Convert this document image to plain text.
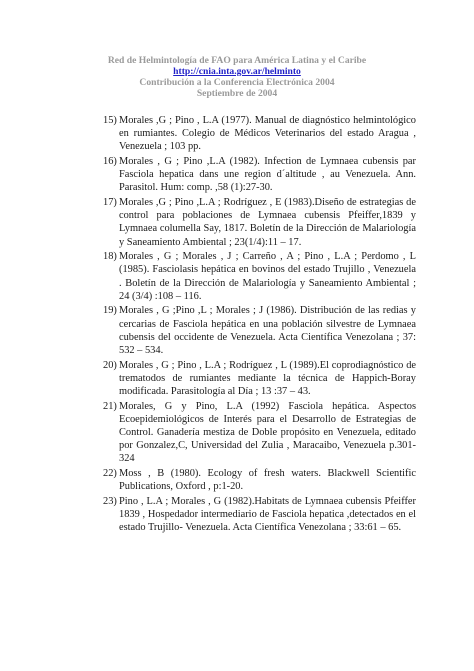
Red de Helmintología de FAO para América Latina y el Caribe
http://cnia.inta.gov.ar/helminto
Contribución a la Conferencia Electrónica 2004
Septiembre de 2004
15) Morales ,G ; Pino , L.A (1977). Manual de diagnóstico helmintológico en rumiantes. Colegio de Médicos Veterinarios del estado Aragua , Venezuela ; 103 pp.
16) Morales , G ; Pino ,L.A (1982). Infection de Lymnaea cubensis par Fasciola hepatica dans une region d´altitude , au Venezuela. Ann. Parasitol. Hum: comp. ,58 (1):27-30.
17) Morales ,G ; Pino ,L.A ; Rodríguez , E (1983).Diseño de estrategias de control para poblaciones de Lymnaea cubensis Pfeiffer,1839 y Lymnaea columella Say, 1817. Boletín de la Dirección de Malariología y Saneamiento Ambiental ; 23(1/4):11 – 17.
18) Morales , G ; Morales , J ; Carreño , A ; Pino , L.A ; Perdomo , L (1985). Fasciolasis hepática en bovinos del estado Trujillo , Venezuela . Boletín de la Dirección de Malariología y Saneamiento Ambiental ; 24 (3/4) :108 – 116.
19) Morales , G ;Pino ,L ; Morales ; J (1986). Distribución de las redias y cercarias de Fasciola hepática en una población silvestre de Lymnaea cubensis del occidente de Venezuela. Acta Científica Venezolana ; 37: 532 – 534.
20) Morales , G ; Pino , L.A ; Rodríguez , L (1989).El coprodiagnóstico de trematodos de rumiantes mediante la técnica de Happich-Boray modificada. Parasitología al Día ; 13 :37 – 43.
21) Morales, G y Pino, L.A (1992) Fasciola hepática. Aspectos Ecoepidemiológicos de Interés para el Desarrollo de Estrategias de Control. Ganadería mestiza de Doble propósito en Venezuela, editado por Gonzalez,C, Universidad del Zulia , Maracaibo, Venezuela p.301-324
22) Moss , B (1980). Ecology of fresh waters. Blackwell Scientific Publications, Oxford , p:1-20.
23) Pino , L.A ; Morales , G (1982).Habitats de Lymnaea cubensis Pfeiffer 1839 , Hospedador intermediario de Fasciola hepatica ,detectados en el estado Trujillo- Venezuela. Acta Científica Venezolana ; 33:61 – 65.
